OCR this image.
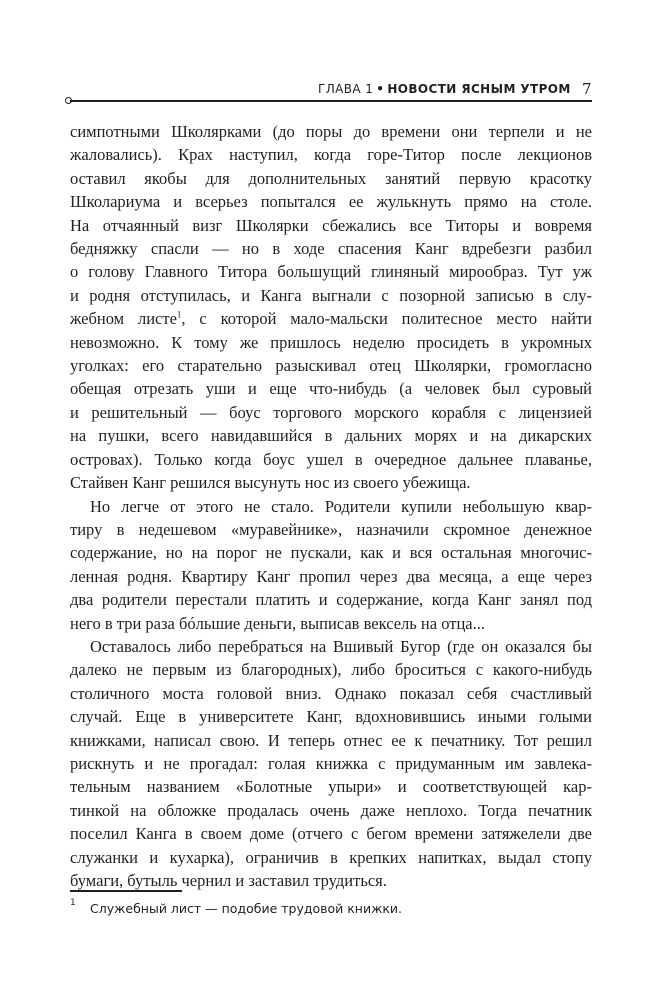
ГЛАВА 1 • НОВОСТИ ЯСНЫМ УТРОМ 7

симпотными Школярками (до поры до времени они терпели и не

жаловались). Крах наступил, когда горе-Титор после лекционов

оставил якобы для дополнительных занятий первую красотку

Школариума и всерьез попытался ее жулькнуть прямо на столе.

На отчаянный визг Школярки сбежались все Титоры и вовремя

бедняжку спасли — но в ходе спасения Канг вдребезги разбил

о голову Главного Титора большущий глиняный мирообраз. Тут уж

и родня отступилась, и Канга выгнали с позорной записью в слу-

жебном листе$^1$, с которой мало-мальски политесное место найти

невозможно. К тому же пришлось неделю просидеть в укромных

уголках: его старательно разыскивал отец Школярки, громогласно

обещая отрезать уши и еще что-нибудь (а человек был суровый

и решительный — боус торгового морского корабля с лицензией

на пушки, всего навидавшийся в дальних морях и на дикарских

островах). Только когда боус ушел в очередное дальнее плаванье,

Стайвен Канг решился высунуть нос из своего убежища.

Но легче от этого не стало. Родители купили небольшую квар-

тиру в недешевом «муравейнике», назначили скромное денежное

содержание, но на порог не пускали, как и вся остальная многочис-

ленная родня. Квартиру Канг пропил через два месяца, а еще через

два родители перестали платить и содержание, когда Канг занял под

него в три раза бóльшие деньги, выписав вексель на отца...

Оставалось либо перебраться на Вшивый Бугор (где он оказался бы

далеко не первым из благородных), либо броситься с какого-нибудь

столичного моста головой вниз. Однако показал себя счастливый

случай. Еще в университете Канг, вдохновившись иными голыми

книжками, написал свою. И теперь отнес ее к печатнику. Тот решил

рискнуть и не прогадал: голая книжка с придуманным им завлека-

тельным названием «Болотные упыри» и соответствующей кар-

тинкой на обложке продалась очень даже неплохо. Тогда печатник

поселил Канга в своем доме (отчего с бегом времени затяжелели две

служанки и кухарка), ограничив в крепких напитках, выдал стопу

бумаги, бутыль чернил и заставил трудиться.

1	Служебный лист — подобие трудовой книжки.
